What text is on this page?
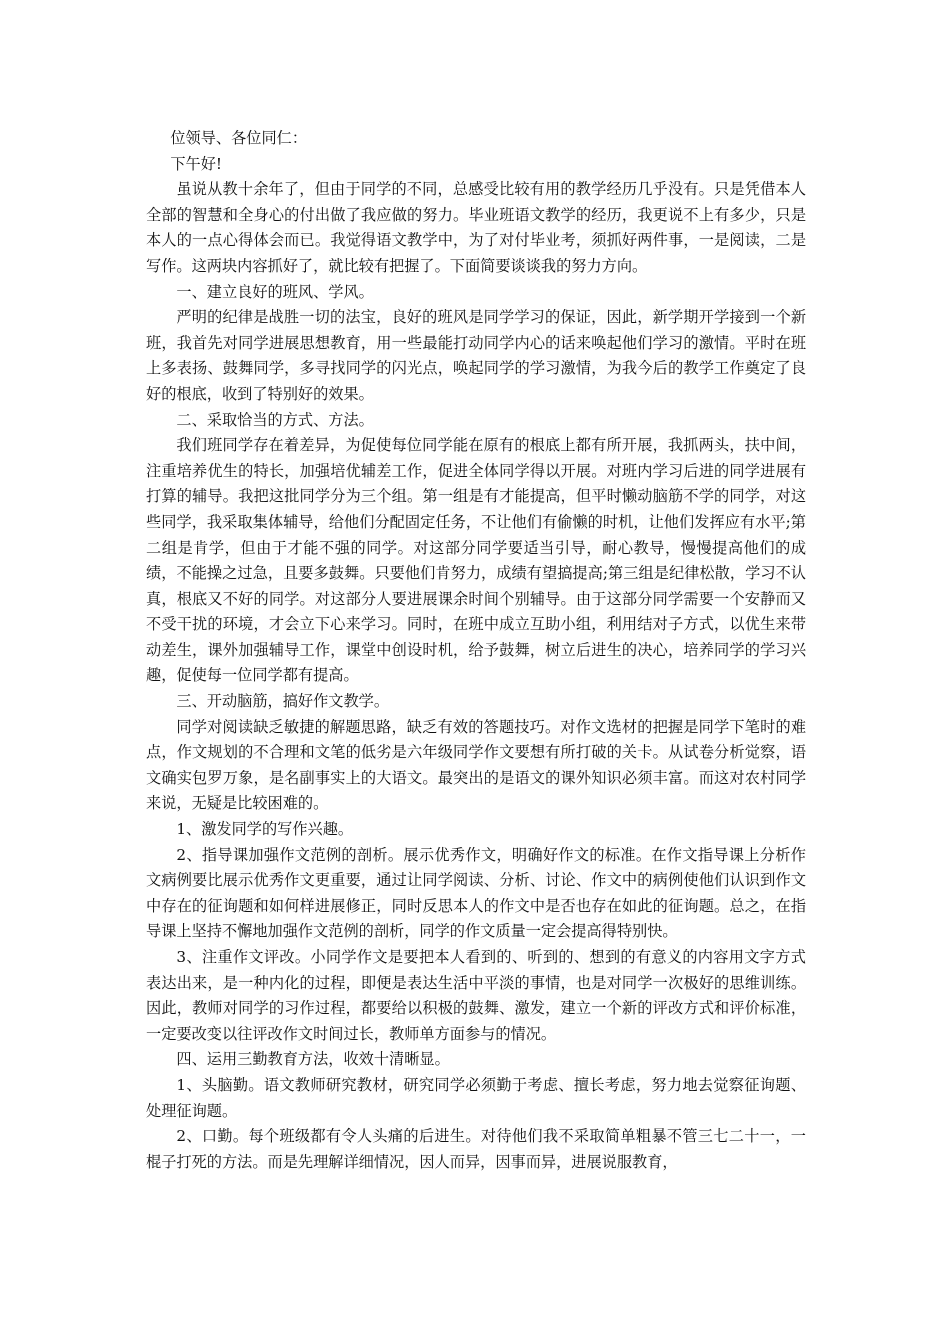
位领导、各位同仁：

下午好!

虽说从教十余年了，但由于同学的不同，总感受比较有用的教学经历几乎没有。只是凭借本人全部的智慧和全身心的付出做了我应做的努力。毕业班语文教学的经历，我更说不上有多少，只是本人的一点心得体会而已。我觉得语文教学中，为了对付毕业考，须抓好两件事，一是阅读，二是写作。这两块内容抓好了，就比较有把握了。下面简要谈谈我的努力方向。

一、建立良好的班风、学风。

严明的纪律是战胜一切的法宝，良好的班风是同学学习的保证，因此，新学期开学接到一个新班，我首先对同学进展思想教育，用一些最能打动同学内心的话来唤起他们学习的激情。平时在班上多表扬、鼓舞同学，多寻找同学的闪光点，唤起同学的学习激情，为我今后的教学工作奠定了良好的根底，收到了特别好的效果。

二、采取恰当的方式、方法。

我们班同学存在着差异，为促使每位同学能在原有的根底上都有所开展，我抓两头，扶中间，注重培养优生的特长，加强培优辅差工作，促进全体同学得以开展。对班内学习后进的同学进展有打算的辅导。我把这批同学分为三个组。第一组是有才能提高，但平时懒动脑筋不学的同学，对这些同学，我采取集体辅导，给他们分配固定任务，不让他们有偷懒的时机，让他们发挥应有水平;第二组是肯学，但由于才能不强的同学。对这部分同学要适当引导，耐心教导，慢慢提高他们的成绩，不能操之过急，且要多鼓舞。只要他们肯努力，成绩有望搞提高;第三组是纪律松散，学习不认真，根底又不好的同学。对这部分人要进展课余时间个别辅导。由于这部分同学需要一个安静而又不受干扰的环境，才会立下心来学习。同时，在班中成立互助小组，利用结对子方式，以优生来带动差生，课外加强辅导工作，课堂中创设时机，给予鼓舞，树立后进生的决心，培养同学的学习兴趣，促使每一位同学都有提高。

三、开动脑筋，搞好作文教学。

同学对阅读缺乏敏捷的解题思路，缺乏有效的答题技巧。对作文选材的把握是同学下笔时的难点，作文规划的不合理和文笔的低劣是六年级同学作文要想有所打破的关卡。从试卷分析觉察，语文确实包罗万象，是名副事实上的大语文。最突出的是语文的课外知识必须丰富。而这对农村同学来说，无疑是比较困难的。

1、激发同学的写作兴趣。

2、指导课加强作文范例的剖析。展示优秀作文，明确好作文的标准。在作文指导课上分析作文病例要比展示优秀作文更重要，通过让同学阅读、分析、讨论、作文中的病例使他们认识到作文中存在的征询题和如何样进展修正，同时反思本人的作文中是否也存在如此的征询题。总之，在指导课上坚持不懈地加强作文范例的剖析，同学的作文质量一定会提高得特别快。

3、注重作文评改。小同学作文是要把本人看到的、听到的、想到的有意义的内容用文字方式表达出来，是一种内化的过程，即便是表达生活中平淡的事情，也是对同学一次极好的思维训练。因此，教师对同学的习作过程，都要给以积极的鼓舞、激发，建立一个新的评改方式和评价标准，一定要改变以往评改作文时间过长，教师单方面参与的情况。

四、运用三勤教育方法，收效十清晰显。

1、头脑勤。语文教师研究教材，研究同学必须勤于考虑、擅长考虑，努力地去觉察征询题、处理征询题。

2、口勤。每个班级都有令人头痛的后进生。对待他们我不采取简单粗暴不管三七二十一，一棍子打死的方法。而是先理解详细情况，因人而异，因事而异，进展说服教育，
